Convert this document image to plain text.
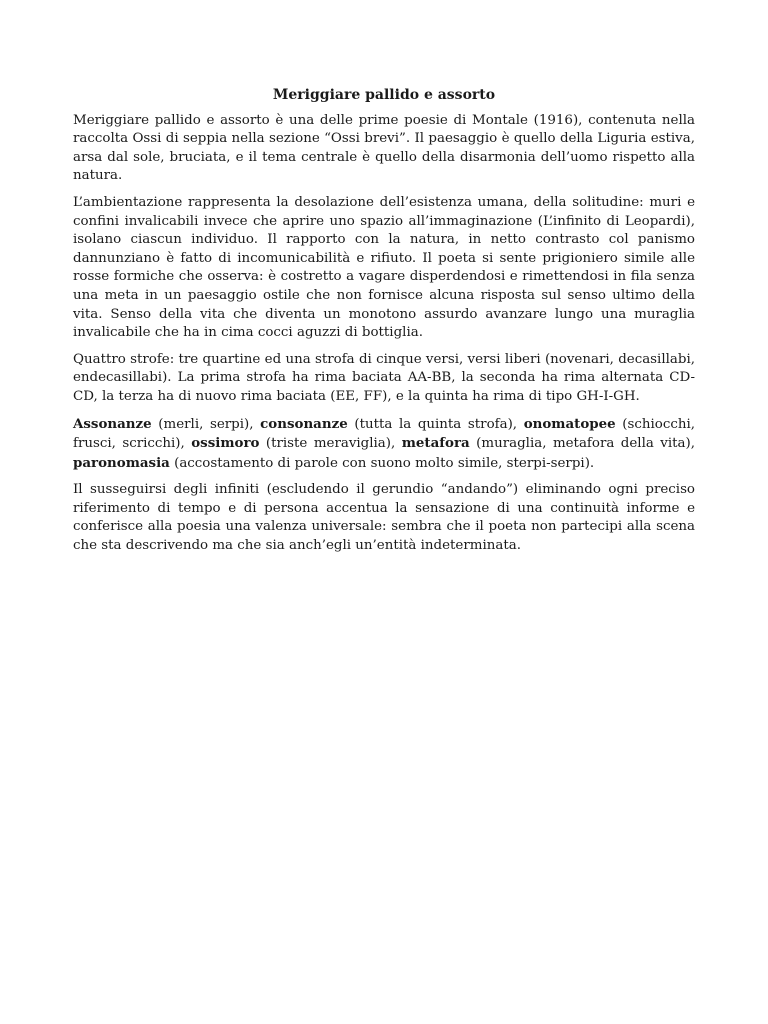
Meriggiare pallido e assorto

Meriggiare pallido e assorto è una delle prime poesie di Montale (1916), contenuta nella raccolta Ossi di seppia nella sezione “Ossi brevi”. Il paesaggio è quello della Liguria estiva, arsa dal sole, bruciata, e il tema centrale è quello della disarmonia dell’uomo rispetto alla natura.

L’ambientazione rappresenta la desolazione dell’esistenza umana, della solitudine: muri e confini invalicabili invece che aprire uno spazio all’immaginazione (L’infinito di Leopardi), isolano ciascun individuo. Il rapporto con la natura, in netto contrasto col panismo dannunziano è fatto di incomunicabilità e rifiuto. Il poeta si sente prigioniero simile alle rosse formiche che osserva: è costretto a vagare disperdendosi e rimettendosi in fila senza una meta in un paesaggio ostile che non fornisce alcuna risposta sul senso ultimo della vita. Senso della vita che diventa un monotono assurdo avanzare lungo una muraglia invalicabile che ha in cima cocci aguzzi di bottiglia.

Quattro strofe: tre quartine ed una strofa di cinque versi, versi liberi (novenari, decasillabi, endecasillabi). La prima strofa ha rima baciata AA-BB, la seconda ha rima alternata CD-CD, la terza ha di nuovo rima baciata (EE, FF), e la quinta ha rima di tipo GH-I-GH.

Assonanze (merli, serpi), consonanze (tutta la quinta strofa), onomatopee (schiocchi, frusci, scricchi), ossimoro (triste meraviglia), metafora (muraglia, metafora della vita), paronomasia (accostamento di parole con suono molto simile, sterpi-serpi).

Il susseguirsi degli infiniti (escludendo il gerundio “andando”) eliminando ogni preciso riferimento di tempo e di persona accentua la sensazione di una continuità informe e conferisce alla poesia una valenza universale: sembra che il poeta non partecipi alla scena che sta descrivendo ma che sia anch’egli un’entità indeterminata.
